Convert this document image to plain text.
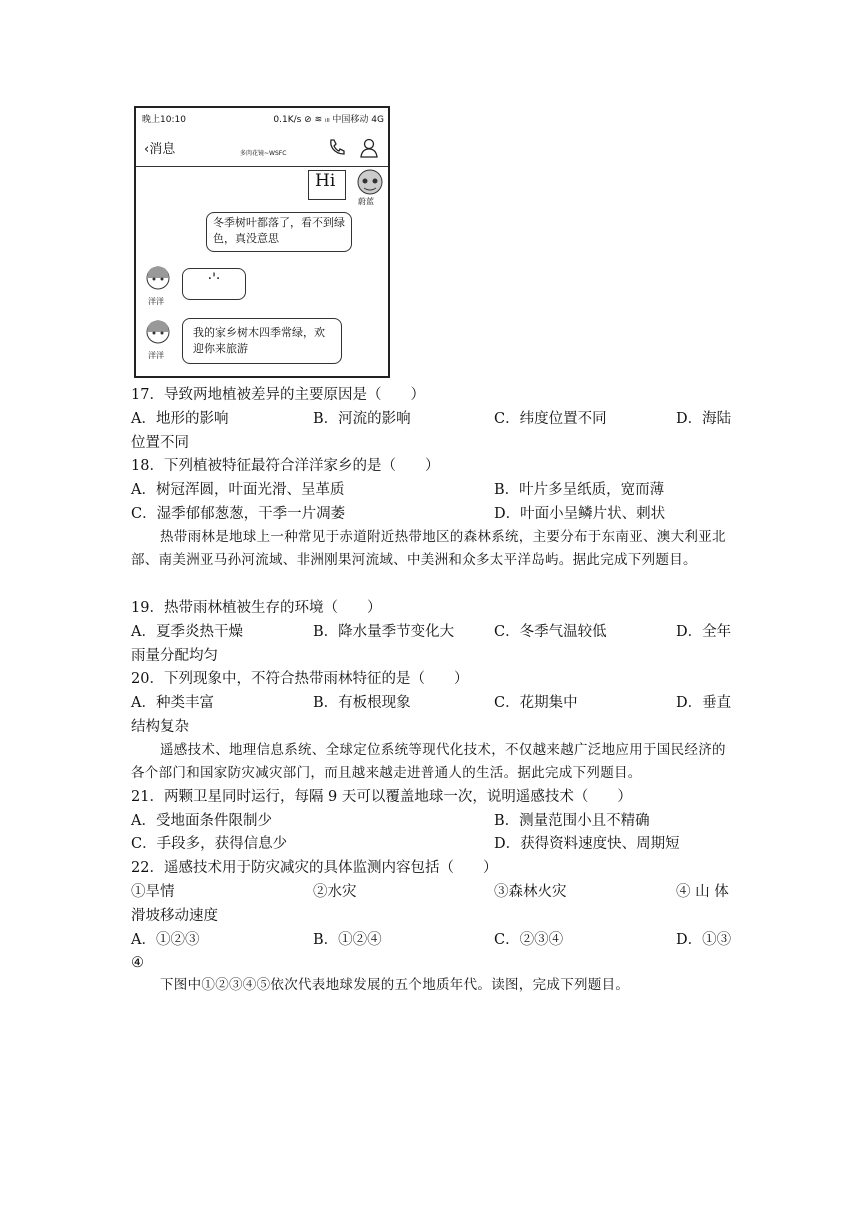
晚上10:10	0.1K/s ⊘ ≋ ᵢₗₗ 中国移动 4G
‹消息	多肉花镜~WSFC
Hi
蔚蓝
冬季树叶都落了，看不到绿色，真没意思
洋洋
·'·
洋洋
我的家乡树木四季常绿，欢迎你来旅游
17．导致两地植被差异的主要原因是（　　）
A．地形的影响	B．河流的影响	C．纬度位置不同	D．海陆
位置不同
18．下列植被特征最符合洋洋家乡的是（　　）
A．树冠浑圆，叶面光滑、呈革质	B．叶片多呈纸质，宽而薄
C．湿季郁郁葱葱，干季一片凋萎	D．叶面小呈鳞片状、刺状
热带雨林是地球上一种常见于赤道附近热带地区的森林系统，主要分布于东南亚、澳大利亚北部、南美洲亚马孙河流域、非洲刚果河流域、中美洲和众多太平洋岛屿。据此完成下列题目。
19．热带雨林植被生存的环境（　　）
A．夏季炎热干燥	B．降水量季节变化大	C．冬季气温较低	D．全年
雨量分配均匀
20．下列现象中，不符合热带雨林特征的是（　　）
A．种类丰富	B．有板根现象	C．花期集中	D．垂直
结构复杂
遥感技术、地理信息系统、全球定位系统等现代化技术，不仅越来越广泛地应用于国民经济的各个部门和国家防灾减灾部门，而且越来越走进普通人的生活。据此完成下列题目。
21．两颗卫星同时运行，每隔 9 天可以覆盖地球一次，说明遥感技术（　　）
A．受地面条件限制少	B．测量范围小且不精确
C．手段多，获得信息少	D．获得资料速度快、周期短
22．遥感技术用于防灾减灾的具体监测内容包括（　　）
①旱情	②水灾	③森林火灾	④ 山 体
滑坡移动速度
A．①②③	B．①②④	C．②③④	D．①③
④
下图中①②③④⑤依次代表地球发展的五个地质年代。读图，完成下列题目。
